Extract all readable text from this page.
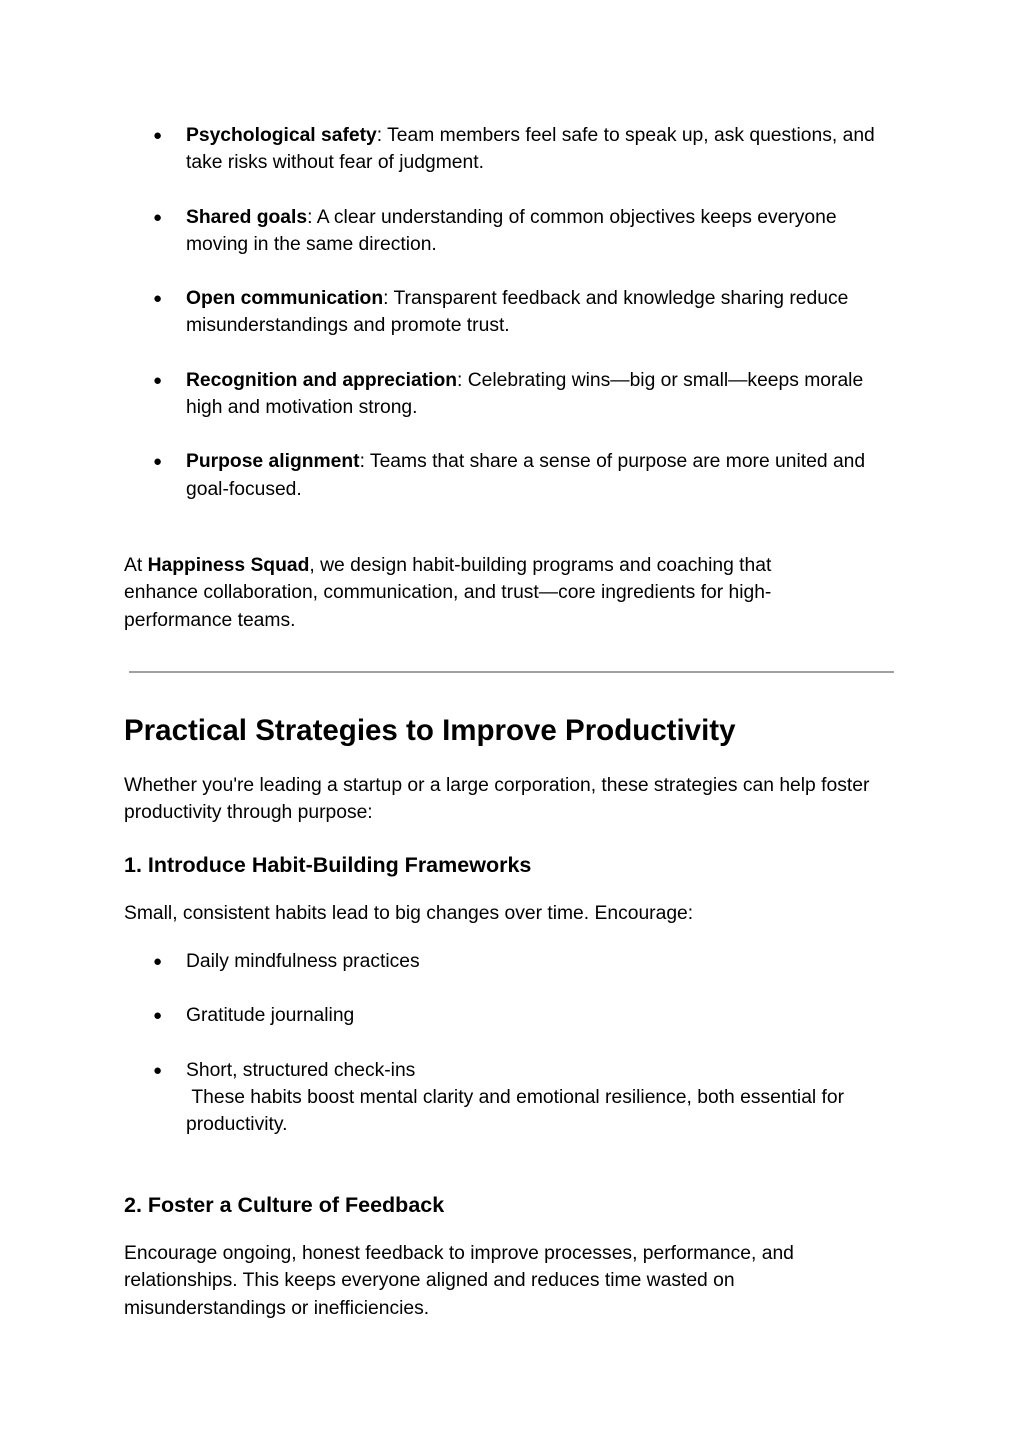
● Psychological safety: Team members feel safe to speak up, ask questions, and take risks without fear of judgment.
● Shared goals: A clear understanding of common objectives keeps everyone moving in the same direction.
● Open communication: Transparent feedback and knowledge sharing reduce misunderstandings and promote trust.
● Recognition and appreciation: Celebrating wins—big or small—keeps morale high and motivation strong.
● Purpose alignment: Teams that share a sense of purpose are more united and goal-focused.

At Happiness Squad, we design habit-building programs and coaching that enhance collaboration, communication, and trust—core ingredients for high-performance teams.

Practical Strategies to Improve Productivity

Whether you're leading a startup or a large corporation, these strategies can help foster productivity through purpose:

1. Introduce Habit-Building Frameworks

Small, consistent habits lead to big changes over time. Encourage:

● Daily mindfulness practices
● Gratitude journaling
● Short, structured check-ins
These habits boost mental clarity and emotional resilience, both essential for productivity.
2. Foster a Culture of Feedback

Encourage ongoing, honest feedback to improve processes, performance, and relationships. This keeps everyone aligned and reduces time wasted on misunderstandings or inefficiencies.
